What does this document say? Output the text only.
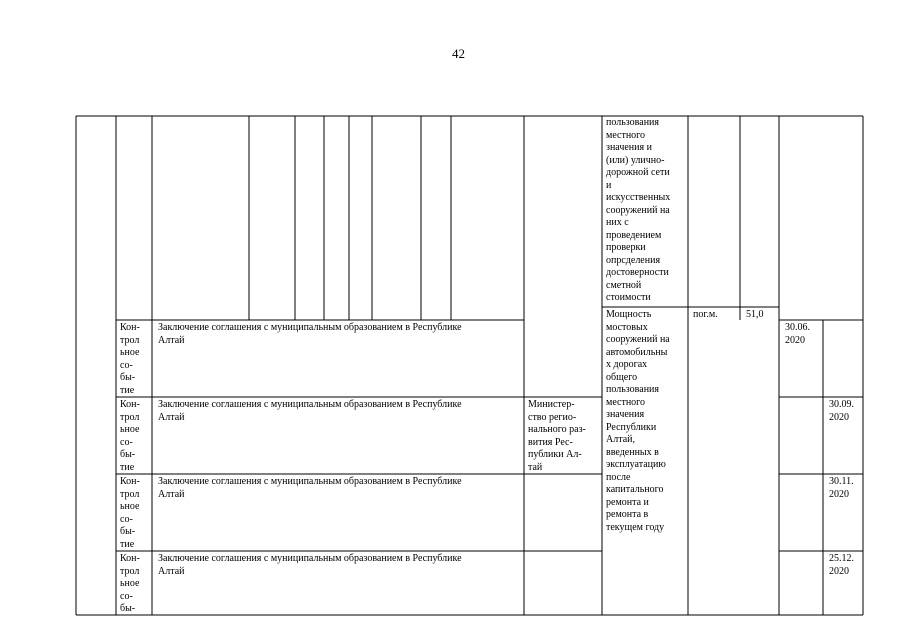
42
пользования
местного
значения и
(или) улично-
дорожной сети
и
искусственных
сооружений на
них с
проведением
проверки
опрсделения
достоверности
сметной
стоимости
Мощность
мостовых
сооружений на
автомобильны
х дорогах
общего
пользования
местного
значения
Республики
Алтай,
введенных в
эксплуатацию
после
капитального
ремонта и
ремонта в
текущем году
пог.м.	51,0
Министер-
ство регио-
нального раз-
вития Рес-
публики Ал-
тай
Кон-
трол
ьное
со-
бы-
тие
Заключение соглашения с муниципальным образованием в Республике
Алтай
30.06.
2020
Кон-
трол
ьное
со-
бы-
тие
Заключение соглашения с муниципальным образованием в Республике
Алтай
30.09.
2020
Кон-
трол
ьное
со-
бы-
тие
Заключение соглашения с муниципальным образованием в Республике
Алтай
30.11.
2020
Кон-
трол
ьное
со-
бы-
Заключение соглашения с муниципальным образованием в Республике
Алтай
25.12.
2020
